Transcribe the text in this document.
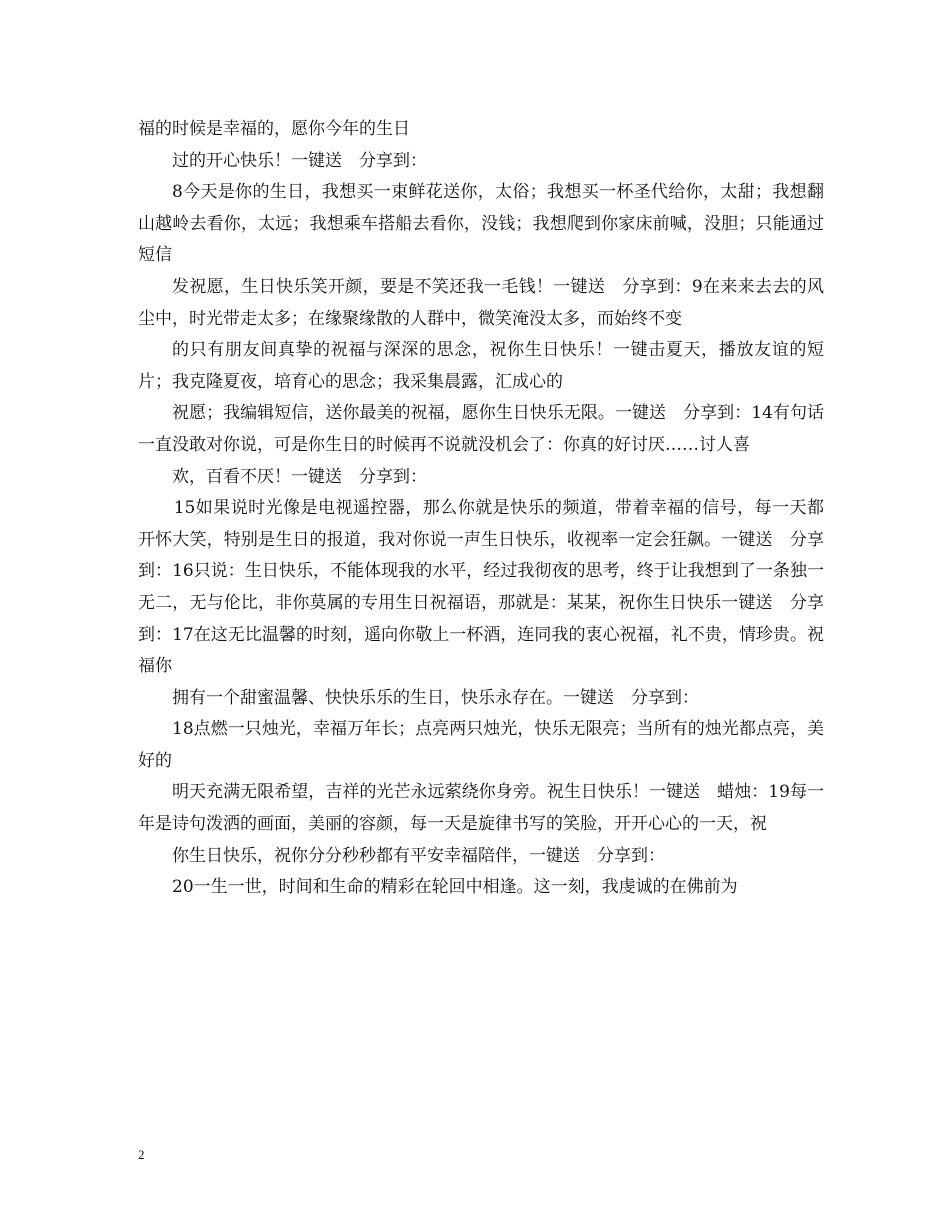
福的时候是幸福的，愿你今年的生日

过的开心快乐！一键送　分享到：

8今天是你的生日，我想买一束鲜花送你，太俗；我想买一杯圣代给你，太甜；我想翻山越岭去看你，太远；我想乘车搭船去看你，没钱；我想爬到你家床前喊，没胆；只能通过短信

发祝愿，生日快乐笑开颜，要是不笑还我一毛钱！一键送　分享到：9在来来去去的风尘中，时光带走太多；在缘聚缘散的人群中，微笑淹没太多，而始终不变

的只有朋友间真挚的祝福与深深的思念，祝你生日快乐！一键击夏天，播放友谊的短片；我克隆夏夜，培育心的思念；我采集晨露，汇成心的

祝愿；我编辑短信，送你最美的祝福，愿你生日快乐无限。一键送　分享到：14有句话一直没敢对你说，可是你生日的时候再不说就没机会了：你真的好讨厌……讨人喜

欢，百看不厌！一键送　分享到：

15如果说时光像是电视遥控器，那么你就是快乐的频道，带着幸福的信号，每一天都开怀大笑，特别是生日的报道，我对你说一声生日快乐，收视率一定会狂飙。一键送　分享到：16只说：生日快乐，不能体现我的水平，经过我彻夜的思考，终于让我想到了一条独一无二，无与伦比，非你莫属的专用生日祝福语，那就是：某某，祝你生日快乐一键送　分享到：17在这无比温馨的时刻，遥向你敬上一杯酒，连同我的衷心祝福，礼不贵，情珍贵。祝福你

拥有一个甜蜜温馨、快快乐乐的生日，快乐永存在。一键送　分享到：

18点燃一只烛光，幸福万年长；点亮两只烛光，快乐无限亮；当所有的烛光都点亮，美好的

明天充满无限希望，吉祥的光芒永远萦绕你身旁。祝生日快乐！一键送　蜡烛：19每一年是诗句泼洒的画面，美丽的容颜，每一天是旋律书写的笑脸，开开心心的一天，祝

你生日快乐，祝你分分秒秒都有平安幸福陪伴，一键送　分享到：

20一生一世，时间和生命的精彩在轮回中相逢。这一刻，我虔诚的在佛前为

2
